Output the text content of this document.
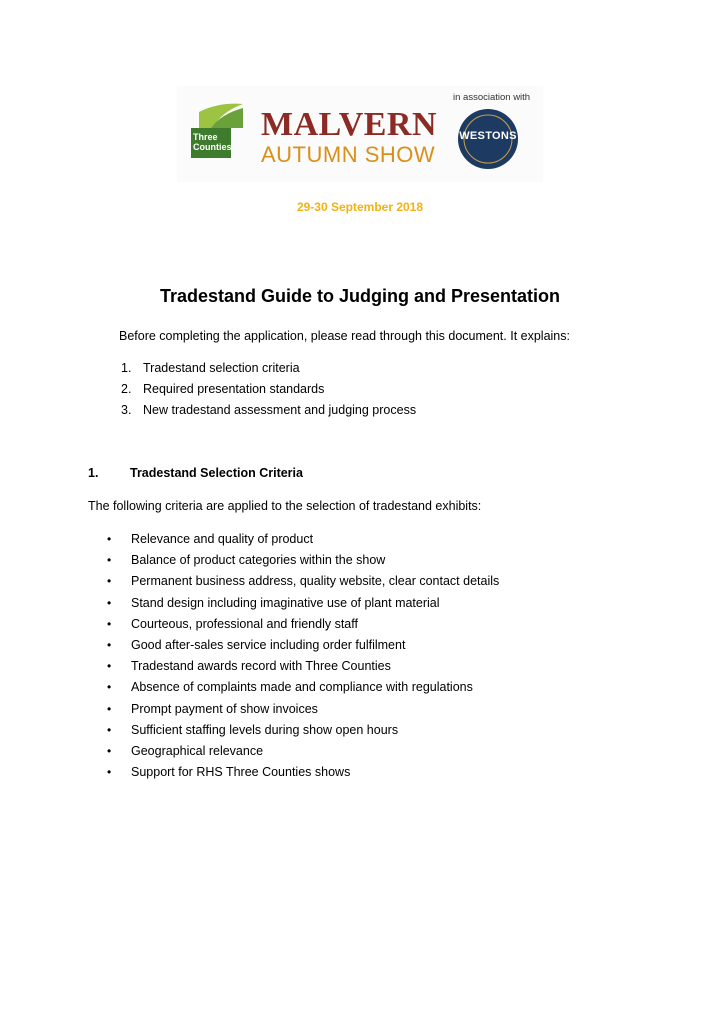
Three Counties
MALVERN
AUTUMN SHOW
in association with
WESTONS
29-30 September 2018
Tradestand Guide to Judging and Presentation
Before completing the application, please read through this document. It explains:
1. Tradestand selection criteria
2. Required presentation standards
3. New tradestand assessment and judging process
1.	Tradestand Selection Criteria
The following criteria are applied to the selection of tradestand exhibits:
• Relevance and quality of product
• Balance of product categories within the show
• Permanent business address, quality website, clear contact details
• Stand design including imaginative use of plant material
• Courteous, professional and friendly staff
• Good after-sales service including order fulfilment
• Tradestand awards record with Three Counties
• Absence of complaints made and compliance with regulations
• Prompt payment of show invoices
• Sufficient staffing levels during show open hours
• Geographical relevance
• Support for RHS Three Counties shows
